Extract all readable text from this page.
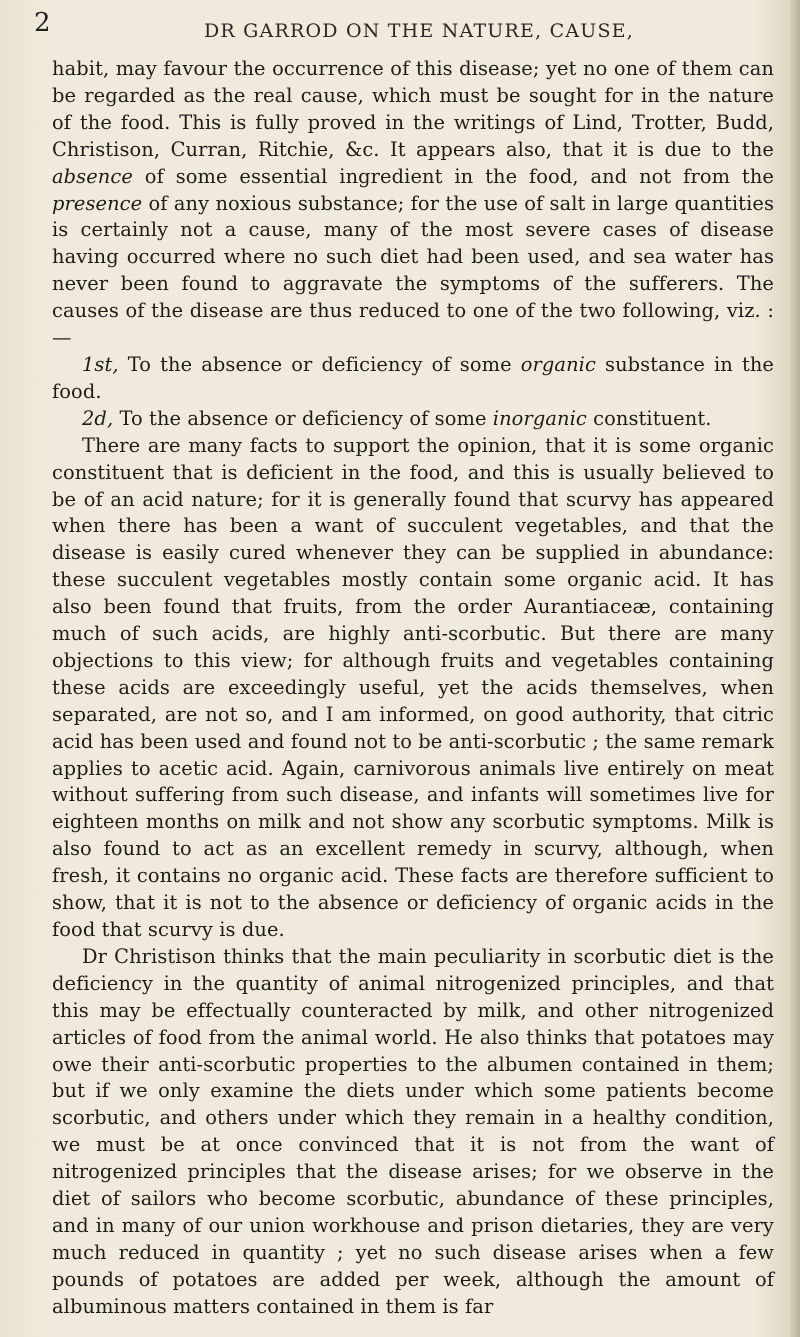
2	DR GARROD ON THE NATURE, CAUSE,

habit, may favour the occurrence of this disease; yet no one of them can be regarded as the real cause, which must be sought for in the nature of the food. This is fully proved in the writings of Lind, Trotter, Budd, Christison, Curran, Ritchie, &c. It appears also, that it is due to the absence of some essential ingredient in the food, and not from the presence of any noxious substance; for the use of salt in large quantities is certainly not a cause, many of the most severe cases of disease having occurred where no such diet had been used, and sea water has never been found to aggravate the symptoms of the sufferers. The causes of the disease are thus reduced to one of the two following, viz. :—

1st, To the absence or deficiency of some organic substance in the food.

2d, To the absence or deficiency of some inorganic constituent.

There are many facts to support the opinion, that it is some organic constituent that is deficient in the food, and this is usually believed to be of an acid nature; for it is generally found that scurvy has appeared when there has been a want of succulent vegetables, and that the disease is easily cured whenever they can be supplied in abundance: these succulent vegetables mostly contain some organic acid. It has also been found that fruits, from the order Aurantiaceæ, containing much of such acids, are highly anti-scorbutic. But there are many objections to this view; for although fruits and vegetables containing these acids are exceedingly useful, yet the acids themselves, when separated, are not so, and I am informed, on good authority, that citric acid has been used and found not to be anti-scorbutic ; the same remark applies to acetic acid. Again, carnivorous animals live entirely on meat without suffering from such disease, and infants will sometimes live for eighteen months on milk and not show any scorbutic symptoms. Milk is also found to act as an excellent remedy in scurvy, although, when fresh, it contains no organic acid. These facts are therefore sufficient to show, that it is not to the absence or deficiency of organic acids in the food that scurvy is due.

Dr Christison thinks that the main peculiarity in scorbutic diet is the deficiency in the quantity of animal nitrogenized principles, and that this may be effectually counteracted by milk, and other nitrogenized articles of food from the animal world. He also thinks that potatoes may owe their anti-scorbutic properties to the albumen contained in them; but if we only examine the diets under which some patients become scorbutic, and others under which they remain in a healthy condition, we must be at once convinced that it is not from the want of nitrogenized principles that the disease arises; for we observe in the diet of sailors who become scorbutic, abundance of these principles, and in many of our union workhouse and prison dietaries, they are very much reduced in quantity ; yet no such disease arises when a few pounds of potatoes are added per week, although the amount of albuminous matters contained in them is far
